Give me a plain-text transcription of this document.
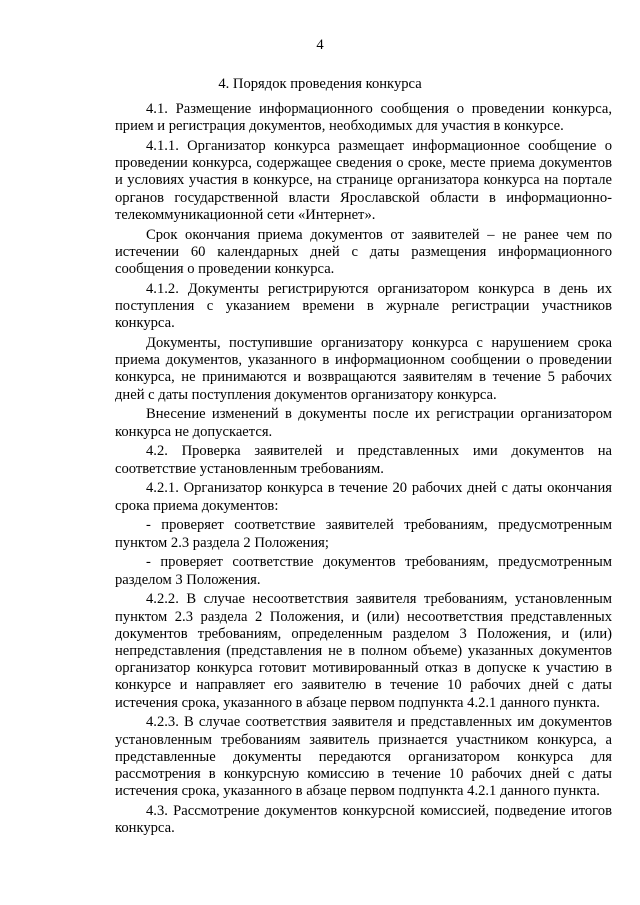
4
4. Порядок проведения конкурса

4.1. Размещение информационного сообщения о проведении конкурса, прием и регистрация документов, необходимых для участия в конкурсе.

4.1.1. Организатор конкурса размещает информационное сообщение о проведении конкурса, содержащее сведения о сроке, месте приема документов и условиях участия в конкурсе, на странице организатора конкурса на портале органов государственной власти Ярославской области в информационно-телекоммуникационной сети «Интернет».

Срок окончания приема документов от заявителей – не ранее чем по истечении 60 календарных дней с даты размещения информационного сообщения о проведении конкурса.

4.1.2. Документы регистрируются организатором конкурса в день их поступления с указанием времени в журнале регистрации участников конкурса.

Документы, поступившие организатору конкурса с нарушением срока приема документов, указанного в информационном сообщении о проведении конкурса, не принимаются и возвращаются заявителям в течение 5 рабочих дней с даты поступления документов организатору конкурса.

Внесение изменений в документы после их регистрации организатором конкурса не допускается.

4.2. Проверка заявителей и представленных ими документов на соответствие установленным требованиям.

4.2.1. Организатор конкурса в течение 20 рабочих дней с даты окончания срока приема документов:

- проверяет соответствие заявителей требованиям, предусмотренным пунктом 2.3 раздела 2 Положения;

- проверяет соответствие документов требованиям, предусмотренным разделом 3 Положения.

4.2.2. В случае несоответствия заявителя требованиям, установленным пунктом 2.3 раздела 2 Положения, и (или) несоответствия представленных документов требованиям, определенным разделом 3 Положения, и (или) непредставления (представления не в полном объеме) указанных документов организатор конкурса готовит мотивированный отказ в допуске к участию в конкурсе и направляет его заявителю в течение 10 рабочих дней с даты истечения срока, указанного в абзаце первом подпункта 4.2.1 данного пункта.

4.2.3. В случае соответствия заявителя и представленных им документов установленным требованиям заявитель признается участником конкурса, а представленные документы передаются организатором конкурса для рассмотрения в конкурсную комиссию в течение 10 рабочих дней с даты истечения срока, указанного в абзаце первом подпункта 4.2.1 данного пункта.

4.3. Рассмотрение документов конкурсной комиссией, подведение итогов конкурса.
